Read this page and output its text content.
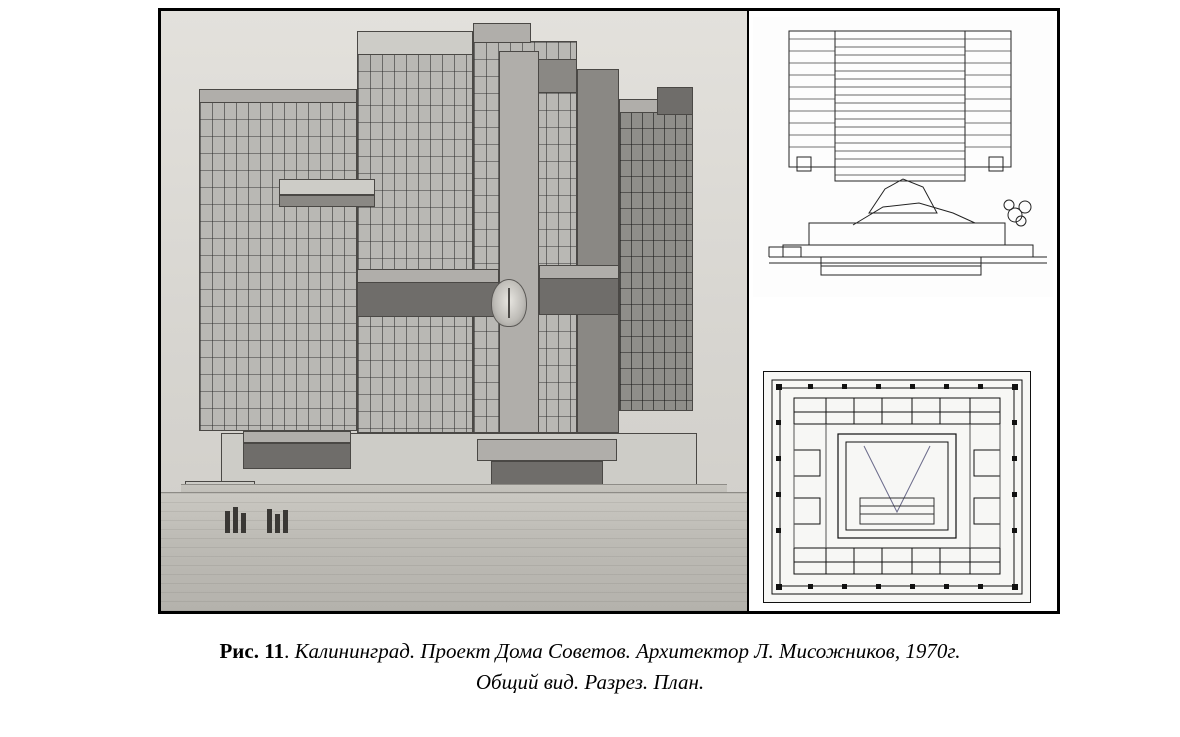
Рис. 11. Калининград. Проект Дома Советов. Архитектор Л. Мисожников, 1970г.
Общий вид. Разрез. План.
